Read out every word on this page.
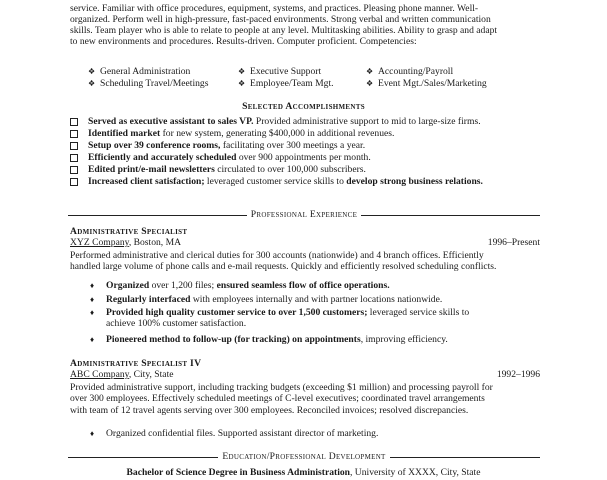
service. Familiar with office procedures, equipment, systems, and practices. Pleasing phone manner. Well-
organized. Perform well in high-pressure, fast-paced environments. Strong verbal and written communication
skills. Team player who is able to relate to people at any level. Multitasking abilities. Ability to grasp and adapt
to new environments and procedures. Results-driven. Computer proficient. Competencies:
❖ General Administration	❖ Executive Support	❖ Accounting/Payroll
❖ Scheduling Travel/Meetings	❖ Employee/Team Mgt.	❖ Event Mgt./Sales/Marketing
Selected Accomplishments
Served as executive assistant to sales VP. Provided administrative support to mid to large-size firms.
Identified market for new system, generating $400,000 in additional revenues.
Setup over 39 conference rooms, facilitating over 300 meetings a year.
Efficiently and accurately scheduled over 900 appointments per month.
Edited print/e-mail newsletters circulated to over 100,000 subscribers.
Increased client satisfaction; leveraged customer service skills to develop strong business relations.
Professional Experience
Administrative Specialist
XYZ Company, Boston, MA	1996–Present
Performed administrative and clerical duties for 300 accounts (nationwide) and 4 branch offices. Efficiently
handled large volume of phone calls and e-mail requests. Quickly and efficiently resolved scheduling conflicts.
♦	Organized over 1,200 files; ensured seamless flow of office operations.
♦	Regularly interfaced with employees internally and with partner locations nationwide.
♦	Provided high quality customer service to over 1,500 customers; leveraged service skills to
achieve 100% customer satisfaction.
♦	Pioneered method to follow-up (for tracking) on appointments, improving efficiency.
Administrative Specialist IV
ABC Company, City, State	1992–1996
Provided administrative support, including tracking budgets (exceeding $1 million) and processing payroll for
over 300 employees. Effectively scheduled meetings of C-level executives; coordinated travel arrangements
with team of 12 travel agents serving over 300 employees. Reconciled invoices; resolved discrepancies.
♦	Organized confidential files. Supported assistant director of marketing.
Education/Professional Development
Bachelor of Science Degree in Business Administration, University of XXXX, City, State
